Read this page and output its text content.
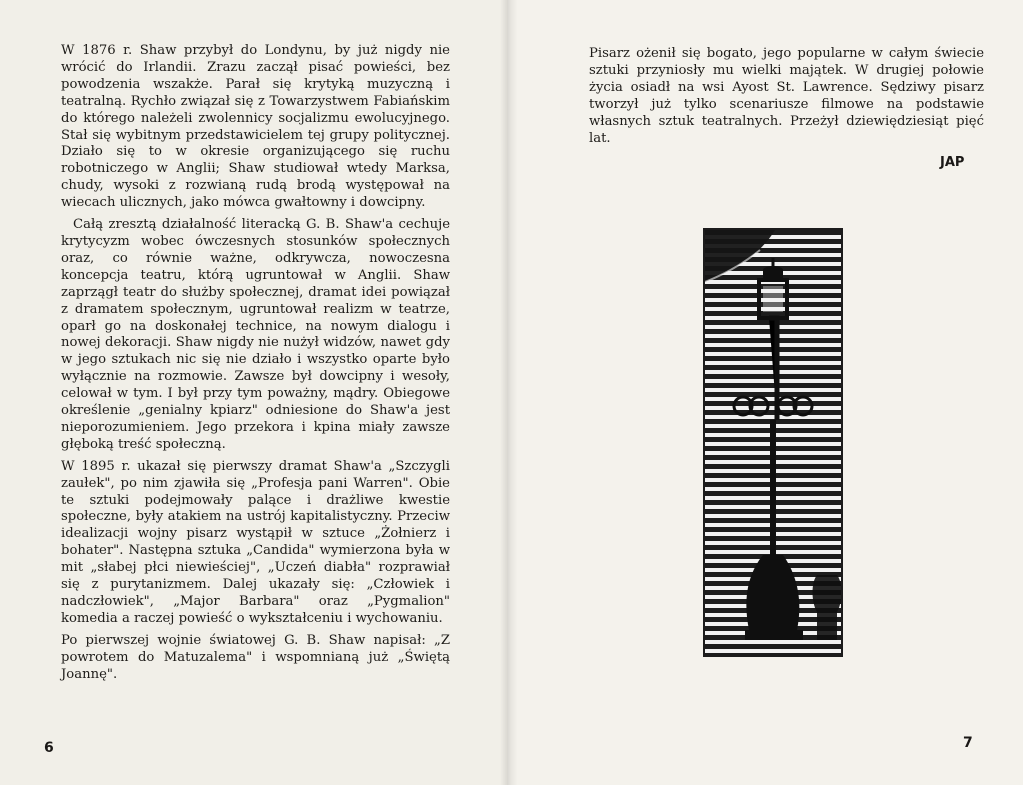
W 1876 r. Shaw przybył do Londynu, by już nigdy nie wrócić do Irlandii. Zrazu zaczął pisać powieści, bez powodzenia wszakże. Parał się krytyką muzyczną i teatralną. Rychło związał się z Towarzystwem Fabiańskim do którego należeli zwolennicy socjalizmu ewolucyjnego. Stał się wybitnym przedstawicielem tej grupy politycznej. Działo się to w okresie organizującego się ruchu robotniczego w Anglii; Shaw studiował wtedy Marksa, chudy, wysoki z rozwianą rudą brodą występował na wiecach ulicznych, jako mówca gwałtowny i dowcipny.

Całą zresztą działalność literacką G. B. Shaw'a cechuje krytycyzm wobec ówczesnych stosunków społecznych oraz, co równie ważne, odkrywcza, nowoczesna koncepcja teatru, którą ugruntował w Anglii. Shaw zaprzągł teatr do służby społecznej, dramat idei powiązał z dramatem społecznym, ugruntował realizm w teatrze, oparł go na doskonałej technice, na nowym dialogu i nowej dekoracji. Shaw nigdy nie nużył widzów, nawet gdy w jego sztukach nic się nie działo i wszystko oparte było wyłącznie na rozmowie. Zawsze był dowcipny i wesoły, celował w tym. I był przy tym poważny, mądry. Obiegowe określenie „genialny kpiarz" odniesione do Shaw'a jest nieporozumieniem. Jego przekora i kpina miały zawsze głęboką treść społeczną.

W 1895 r. ukazał się pierwszy dramat Shaw'a „Szczygli zaułek", po nim zjawiła się „Profesja pani Warren". Obie te sztuki podejmowały palące i drażliwe kwestie społeczne, były atakiem na ustrój kapitalistyczny. Przeciw idealizacji wojny pisarz wystąpił w sztuce „Żołnierz i bohater". Następna sztuka „Candida" wymierzona była w mit „słabej płci niewieściej", „Uczeń diabła" rozprawiał się z purytanizmem. Dalej ukazały się: „Człowiek i nadczłowiek", „Major Barbara" oraz „Pygmalion" komedia a raczej powieść o wykształceniu i wychowaniu.

Po pierwszej wojnie światowej G. B. Shaw napisał: „Z powrotem do Matuzalema" i wspomnianą już „Świętą Joannę".

Pisarz ożenił się bogato, jego popularne w całym świecie sztuki przyniosły mu wielki majątek. W drugiej połowie życia osiadł na wsi Ayost St. Lawrence. Sędziwy pisarz tworzył już tylko scenariusze filmowe na podstawie własnych sztuk teatralnych. Przeżył dziewiędziesiąt pięć lat.

JAP
6	7
